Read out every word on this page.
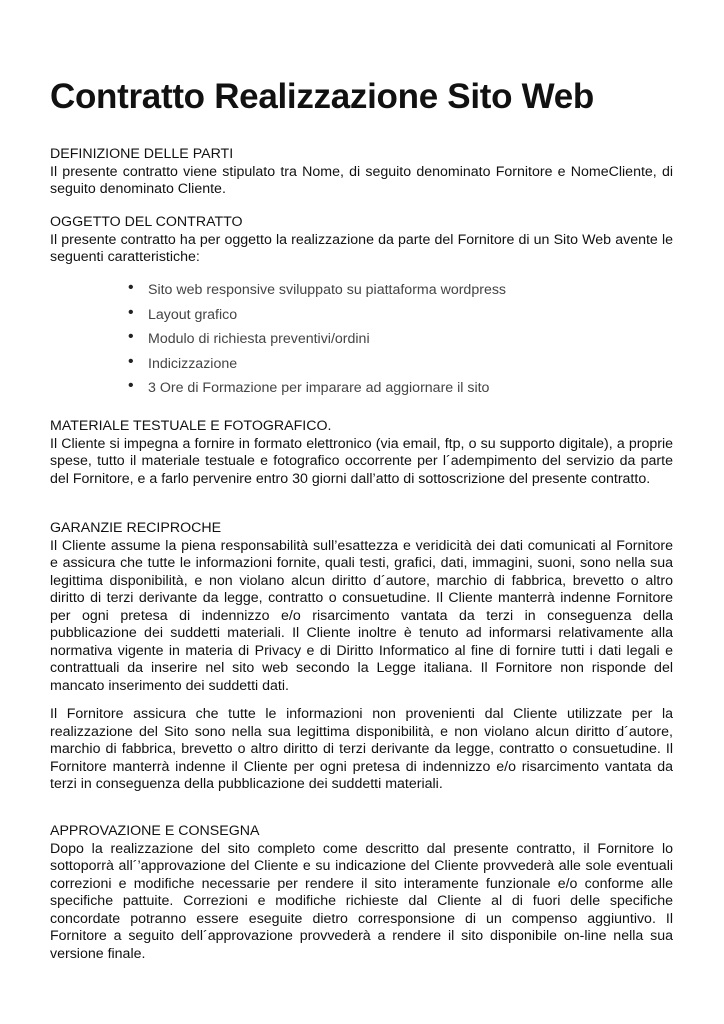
Contratto Realizzazione Sito Web
DEFINIZIONE DELLE PARTI
Il presente contratto viene stipulato tra Nome, di seguito denominato Fornitore e NomeCliente, di seguito denominato Cliente.
OGGETTO DEL CONTRATTO
Il presente contratto ha per oggetto la realizzazione da parte del Fornitore di un Sito Web avente le seguenti caratteristiche:
• Sito web responsive sviluppato su piattaforma wordpress
• Layout grafico
• Modulo di richiesta preventivi/ordini
• Indicizzazione
• 3 Ore di Formazione per imparare ad aggiornare il sito
MATERIALE TESTUALE E FOTOGRAFICO.
Il Cliente si impegna a fornire in formato elettronico (via email, ftp, o su supporto digitale), a proprie spese, tutto il materiale testuale e fotografico occorrente per l´adempimento del servizio da parte del Fornitore, e a farlo pervenire entro 30 giorni dall’atto di sottoscrizione del presente contratto.
GARANZIE RECIPROCHE
Il Cliente assume la piena responsabilità sull’esattezza e veridicità dei dati comunicati al Fornitore e assicura che tutte le informazioni fornite, quali testi, grafici, dati, immagini, suoni, sono nella sua legittima disponibilità, e non violano alcun diritto d´autore, marchio di fabbrica, brevetto o altro diritto di terzi derivante da legge, contratto o consuetudine. Il Cliente manterrà indenne Fornitore per ogni pretesa di indennizzo e/o risarcimento vantata da terzi in conseguenza della pubblicazione dei suddetti materiali. Il Cliente inoltre è tenuto ad informarsi relativamente alla normativa vigente in materia di Privacy e di Diritto Informatico al fine di fornire tutti i dati legali e contrattuali da inserire nel sito web secondo la Legge italiana. Il Fornitore non risponde del mancato inserimento dei suddetti dati.
Il Fornitore assicura che tutte le informazioni non provenienti dal Cliente utilizzate per la realizzazione del Sito sono nella sua legittima disponibilità, e non violano alcun diritto d´autore, marchio di fabbrica, brevetto o altro diritto di terzi derivante da legge, contratto o consuetudine. Il Fornitore manterrà indenne il Cliente per ogni pretesa di indennizzo e/o risarcimento vantata da terzi in conseguenza della pubblicazione dei suddetti materiali.
APPROVAZIONE E CONSEGNA
Dopo la realizzazione del sito completo come descritto dal presente contratto, il Fornitore lo sottoporrà all´’approvazione del Cliente e su indicazione del Cliente provvederà alle sole eventuali correzioni e modifiche necessarie per rendere il sito interamente funzionale e/o conforme alle specifiche pattuite. Correzioni e modifiche richieste dal Cliente al di fuori delle specifiche concordate potranno essere eseguite dietro corresponsione di un compenso aggiuntivo. Il Fornitore a seguito dell´approvazione provvederà a rendere il sito disponibile on-line nella sua versione finale.
